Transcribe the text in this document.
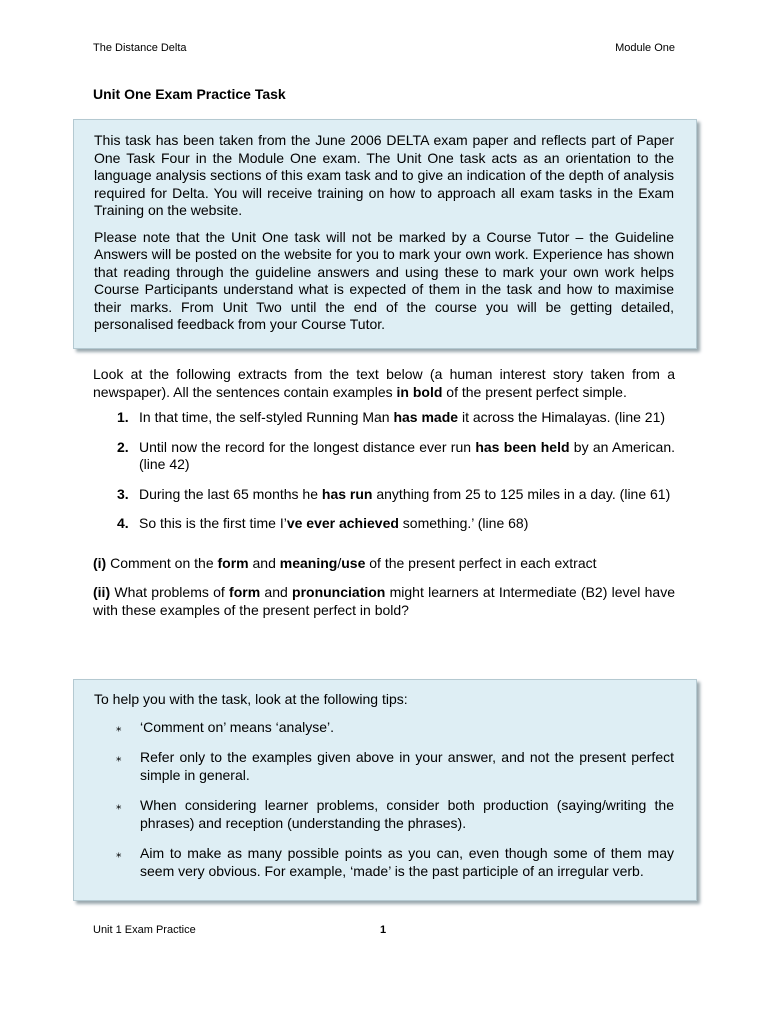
The Distance Delta	Module One
Unit One Exam Practice Task

This task has been taken from the June 2006 DELTA exam paper and reflects part of Paper One Task Four in the Module One exam. The Unit One task acts as an orientation to the language analysis sections of this exam task and to give an indication of the depth of analysis required for Delta. You will receive training on how to approach all exam tasks in the Exam Training on the website.

Please note that the Unit One task will not be marked by a Course Tutor – the Guideline Answers will be posted on the website for you to mark your own work. Experience has shown that reading through the guideline answers and using these to mark your own work helps Course Participants understand what is expected of them in the task and how to maximise their marks. From Unit Two until the end of the course you will be getting detailed, personalised feedback from your Course Tutor.

Look at the following extracts from the text below (a human interest story taken from a newspaper). All the sentences contain examples in bold of the present perfect simple.

1. In that time, the self-styled Running Man has made it across the Himalayas. (line 21)
2. Until now the record for the longest distance ever run has been held by an American. (line 42)
3. During the last 65 months he has run anything from 25 to 125 miles in a day. (line 61)
4. So this is the first time I’ve ever achieved something.’ (line 68)

(i) Comment on the form and meaning/use of the present perfect in each extract

(ii) What problems of form and pronunciation might learners at Intermediate (B2) level have with these examples of the present perfect in bold?

To help you with the task, look at the following tips:

⁎ ‘Comment on’ means ‘analyse’.
⁎ Refer only to the examples given above in your answer, and not the present perfect simple in general.
⁎ When considering learner problems, consider both production (saying/writing the phrases) and reception (understanding the phrases).
⁎ Aim to make as many possible points as you can, even though some of them may seem very obvious. For example, ‘made’ is the past participle of an irregular verb.
Unit 1 Exam Practice	1
